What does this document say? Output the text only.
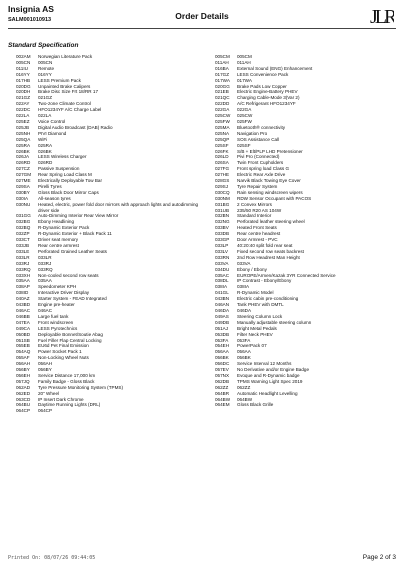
Insignia AS
SALM001010913	Order Details	JLR
Standard Specification
002AM	Norwegian Literature Pack
005CN	005CN
011IU	Remote
016YY	016YY
017HB	LESS Premium Pack
020DG	Unpainted Brake Calipers
020DH	Brake Disc Size Frt 18/RR 17
021GZ	021GZ
022AY	Two-zone Climate Control
022DC	HFO1234YF A/C Charge Label
022LA	022LA
025EZ	Voice Control
025JB	Digital Audio Broadcast (DAB) Radio
025NH	PIVI Diamond
025QA	WiFi
025RA	025RA
026BK	026BK
026JA	LESS Wireless Charger
026RD	026RD
027CZ	Passive Suspension
027GM	Rear Spring Load Class M
027ME	Electrically Deployable Tow Bar
029SA	Pirelli Tyres
030BY	Gloss Black Door Mirror Caps
030IA	All-season tyres
030NU	Heated, electric, power fold door mirrors with approach lights and autodimming driver side
031GG	Auto-Dimming Interior Rear View Mirror
032BG	Ebony Headlining
032BQ	R-Dynamic Exterior Pack
032ZP	R-Dynamic Exterior + Black Pack 11
033CT	Driver seat memory
033JB	Rear centre armrest
033LE	Perforated Grained Leather Seats
033LR	033LR
033RJ	033RJ
033RQ	033RQ
033XH	Non-cooled second row seats
035AA	035AA
038AP	Speedometer KPH
038ID	Interactive Driver Display
040AZ	Starter System - FEAD Integrated
043BD	Engine pre-heater
046AC	046AC
046BB	Large fuel tank
047EA	Front windscreen
049CA	LESS Pyrotechnics
050BD	Deployable Bonnet/Soutie Abag
051SB	Fuel Filler Flap Central Locking
055EB	EU6d Pet Final Emission
054AQ	Power Socket Pack 1
055AF	Non-Locking Wheel Nuts
056AH	056AH
056BY	056BY
056EH	Service Distance 17,000 km
057JQ	Family Badge - Gloss Black
062AD	Tyre Pressure Monitoring System (TPMS)
062ED	20" Wheel
063CD	IP Insert Dark Chrome
064BU	Daytime Running Lights (DRL)
064CP	064CP
005CM	005CM
011AH	011AH
016BA	External Sound (ENG) Enhancement
017GZ	LESS Convenience Pack
017WA	017WA
020GG	Brake Pads Low Copper
021EB	Electric Engine-Battery PHEV
021QC	Charging Cable-Mode 3(Var 2)
022DD	A/C Refrigerant HFO1234YF
022GA	022GA
025CW	025CW
025FW	025FW
025MA	Bluetooth® connectivity
025NA	Navigation Pro
025QP	SOS Assistance Call
025SF	025SF
026FK	S/B + Elt/PLP LHD Pretensioner
026LD	Pivi Pro (Connected)
026SA	Twin Front Cupholders
027FG	Front spring load Class G
027HE	Electric Rear Axle Drive
028GS	Narvik Black Towing Eye Cover
029SJ	Tyre Repair System
030CQ	Rain sensing windscreen wipers
030NM	RDW Sensor Occupant with PACOS
031BG	2 Convex Mirrors
031UB	235/50 R20 AS 104W
032BN	Standard Interior
032NG	Perforated leather steering wheel
033BV	Heated Front Seats
033DB	Rear centre headrest
033GP	Door Armrest - PVC
033LP	40:20:40 split fold rear seat
033LV	Fixed second row seats backrest
033RN	2nd Row Headrest Man Height
033VA	033VA
034DU	Ebony / Ebony
035AC	EUROPE/Armen/Kazak 3YR Connected Service
038DL	IP Contrast - Ebony/Ebony
038IA	038IA
041GL	R-Dynamic Model
043BN	Electric cabin pre-conditioning
046AN	Tank PHEV with DMTL
046DA	046DA
049AS	Steering Column Lock
049DB	Manually adjustable steering column
051AJ	Bright Metal Pedals
053DB	Filter Neck PHEV
053FA	053FA
054EH	PowerPack 07
056AA	056AA
056BK	056BK
056DC	Service Interval 12 Months
057EV	No Derivative and/or Engine Badge
057NX	Evoque and R-Dynamic badge
062DB	TPMS Warning Light Spec 2019
062ZZ	062ZZ
064BR	Automatic Headlight Levelling
064BW	064BW
064EM	Gloss Black Grille
Printed On: 08/07/26 09:44:05	Page 2 of 3
